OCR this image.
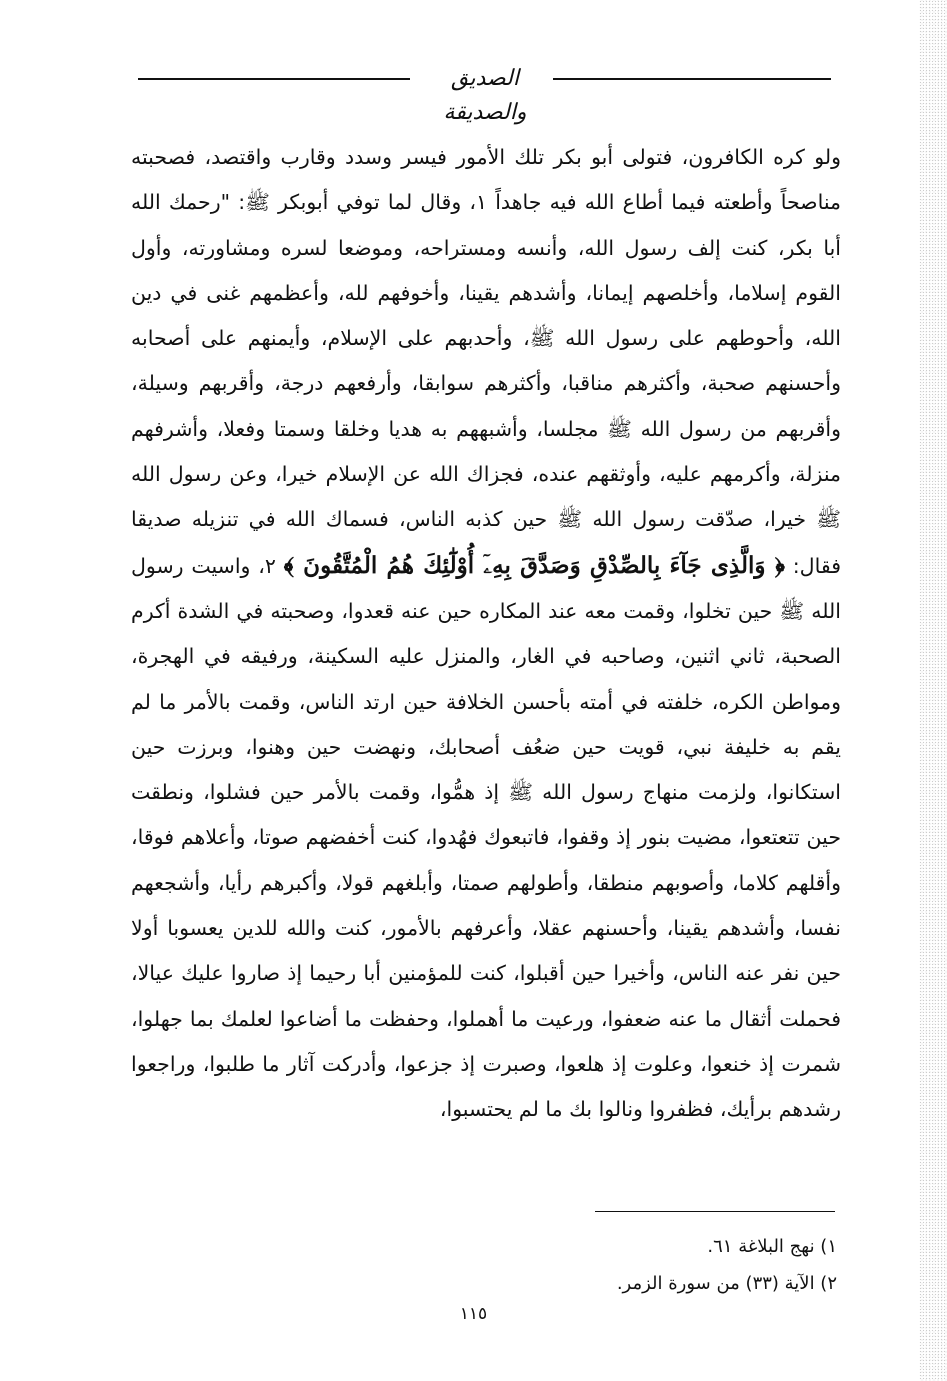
الصديق والصديقة

ولو كره الكافرون، فتولى أبو بكر تلك الأمور فيسر وسدد وقارب واقتصد، فصحبته مناصحاً وأطعته فيما أطاع الله فيه جاهداً ١، وقال لما توفي أبوبكر ﷺ: "رحمك الله أبا بكر، كنت إلف رسول الله، وأنسه ومستراحه، وموضعا لسره ومشاورته، وأول القوم إسلاما، وأخلصهم إيمانا، وأشدهم يقينا، وأخوفهم لله، وأعظمهم غنى في دين الله، وأحوطهم على رسول الله ﷺ، وأحدبهم على الإسلام، وأيمنهم على أصحابه وأحسنهم صحبة، وأكثرهم مناقبا، وأكثرهم سوابقا، وأرفعهم درجة، وأقربهم وسيلة، وأقربهم من رسول الله ﷺ مجلسا، وأشبههم به هديا وخلقا وسمتا وفعلا، وأشرفهم منزلة، وأكرمهم عليه، وأوثقهم عنده، فجزاك الله عن الإسلام خيرا، وعن رسول الله ﷺ خيرا، صدّقت رسول الله ﷺ حين كذبه الناس، فسماك الله في تنزيله صديقا فقال: ﴿ وَالَّذِى جَآءَ بِالصِّدْقِ وَصَدَّقَ بِهِۦٓ أُوْلَٰٓئِكَ هُمُ الْمُتَّقُونَ ﴾ ٢، واسيت رسول الله ﷺ حين تخلوا، وقمت معه عند المكاره حين عنه قعدوا، وصحبته في الشدة أكرم الصحبة، ثاني اثنين، وصاحبه في الغار، والمنزل عليه السكينة، ورفيقه في الهجرة، ومواطن الكره، خلفته في أمته بأحسن الخلافة حين ارتد الناس، وقمت بالأمر ما لم يقم به خليفة نبي، قويت حين ضعُف أصحابك، ونهضت حين وهنوا، وبرزت حين استكانوا، ولزمت منهاج رسول الله ﷺ إذ همُّوا، وقمت بالأمر حين فشلوا، ونطقت حين تتعتعوا، مضيت بنور إذ وقفوا، فاتبعوك فهُدوا، كنت أخفضهم صوتا، وأعلاهم فوقا، وأقلهم كلاما، وأصوبهم منطقا، وأطولهم صمتا، وأبلغهم قولا، وأكبرهم رأيا، وأشجعهم نفسا، وأشدهم يقينا، وأحسنهم عقلا، وأعرفهم بالأمور، كنت والله للدين يعسوبا أولا حين نفر عنه الناس، وأخيرا حين أقبلوا، كنت للمؤمنين أبا رحيما إذ صاروا عليك عيالا، فحملت أثقال ما عنه ضعفوا، ورعيت ما أهملوا، وحفظت ما أضاعوا لعلمك بما جهلوا، شمرت إذ خنعوا، وعلوت إذ هلعوا، وصبرت إذ جزعوا، وأدركت آثار ما طلبوا، وراجعوا رشدهم برأيك، فظفروا ونالوا بك ما لم يحتسبوا،

١) نهج البلاغة ٦١.
٢) الآية (٣٣) من سورة الزمر.
١١٥
